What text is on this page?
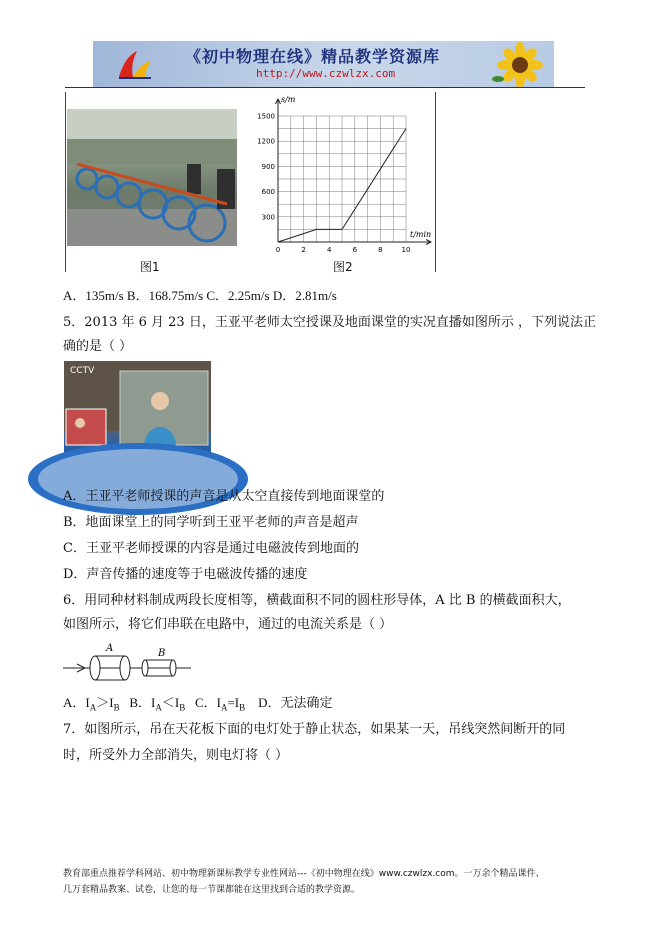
《初中物理在线》精品教学资源库
http://www.czwlzx.com
图1
300
600
900
1200
1500
0	2	4	6	8	10
s/m
t/min
图2
A．135m/s B．168.75m/s C．2.25m/s D．2.81m/s
5．2013 年 6 月 23 日，王亚平老师太空授课及地面课堂的实况直播如图所示 ，下列说法正
确的是（ ）
CCTV
A．王亚平老师授课的声音是从太空直接传到地面课堂的
B．地面课堂上的同学听到王亚平老师的声音是超声
C．王亚平老师授课的内容是通过电磁波传到地面的
D．声音传播的速度等于电磁波传播的速度
6．用同种材料制成两段长度相等，横截面积不同的圆柱形导体，A 比 B 的横截面积大，
如图所示，将它们串联在电路中，通过的电流关系是（ ）
A	B
A．$I_A>I_B$ B．$I_A<I_B$ C．$I_A=I_B$ D．无法确定
7．如图所示，吊在天花板下面的电灯处于静止状态，如果某一天，吊线突然间断开的同
时，所受外力全部消失，则电灯将（ ）
教育部重点推荐学科网站、初中物理新课标教学专业性网站---《初中物理在线》www.czwlzx.com。一万余个精品课件、
几万套精品教案、试卷，让您的每一节课都能在这里找到合适的教学资源。
